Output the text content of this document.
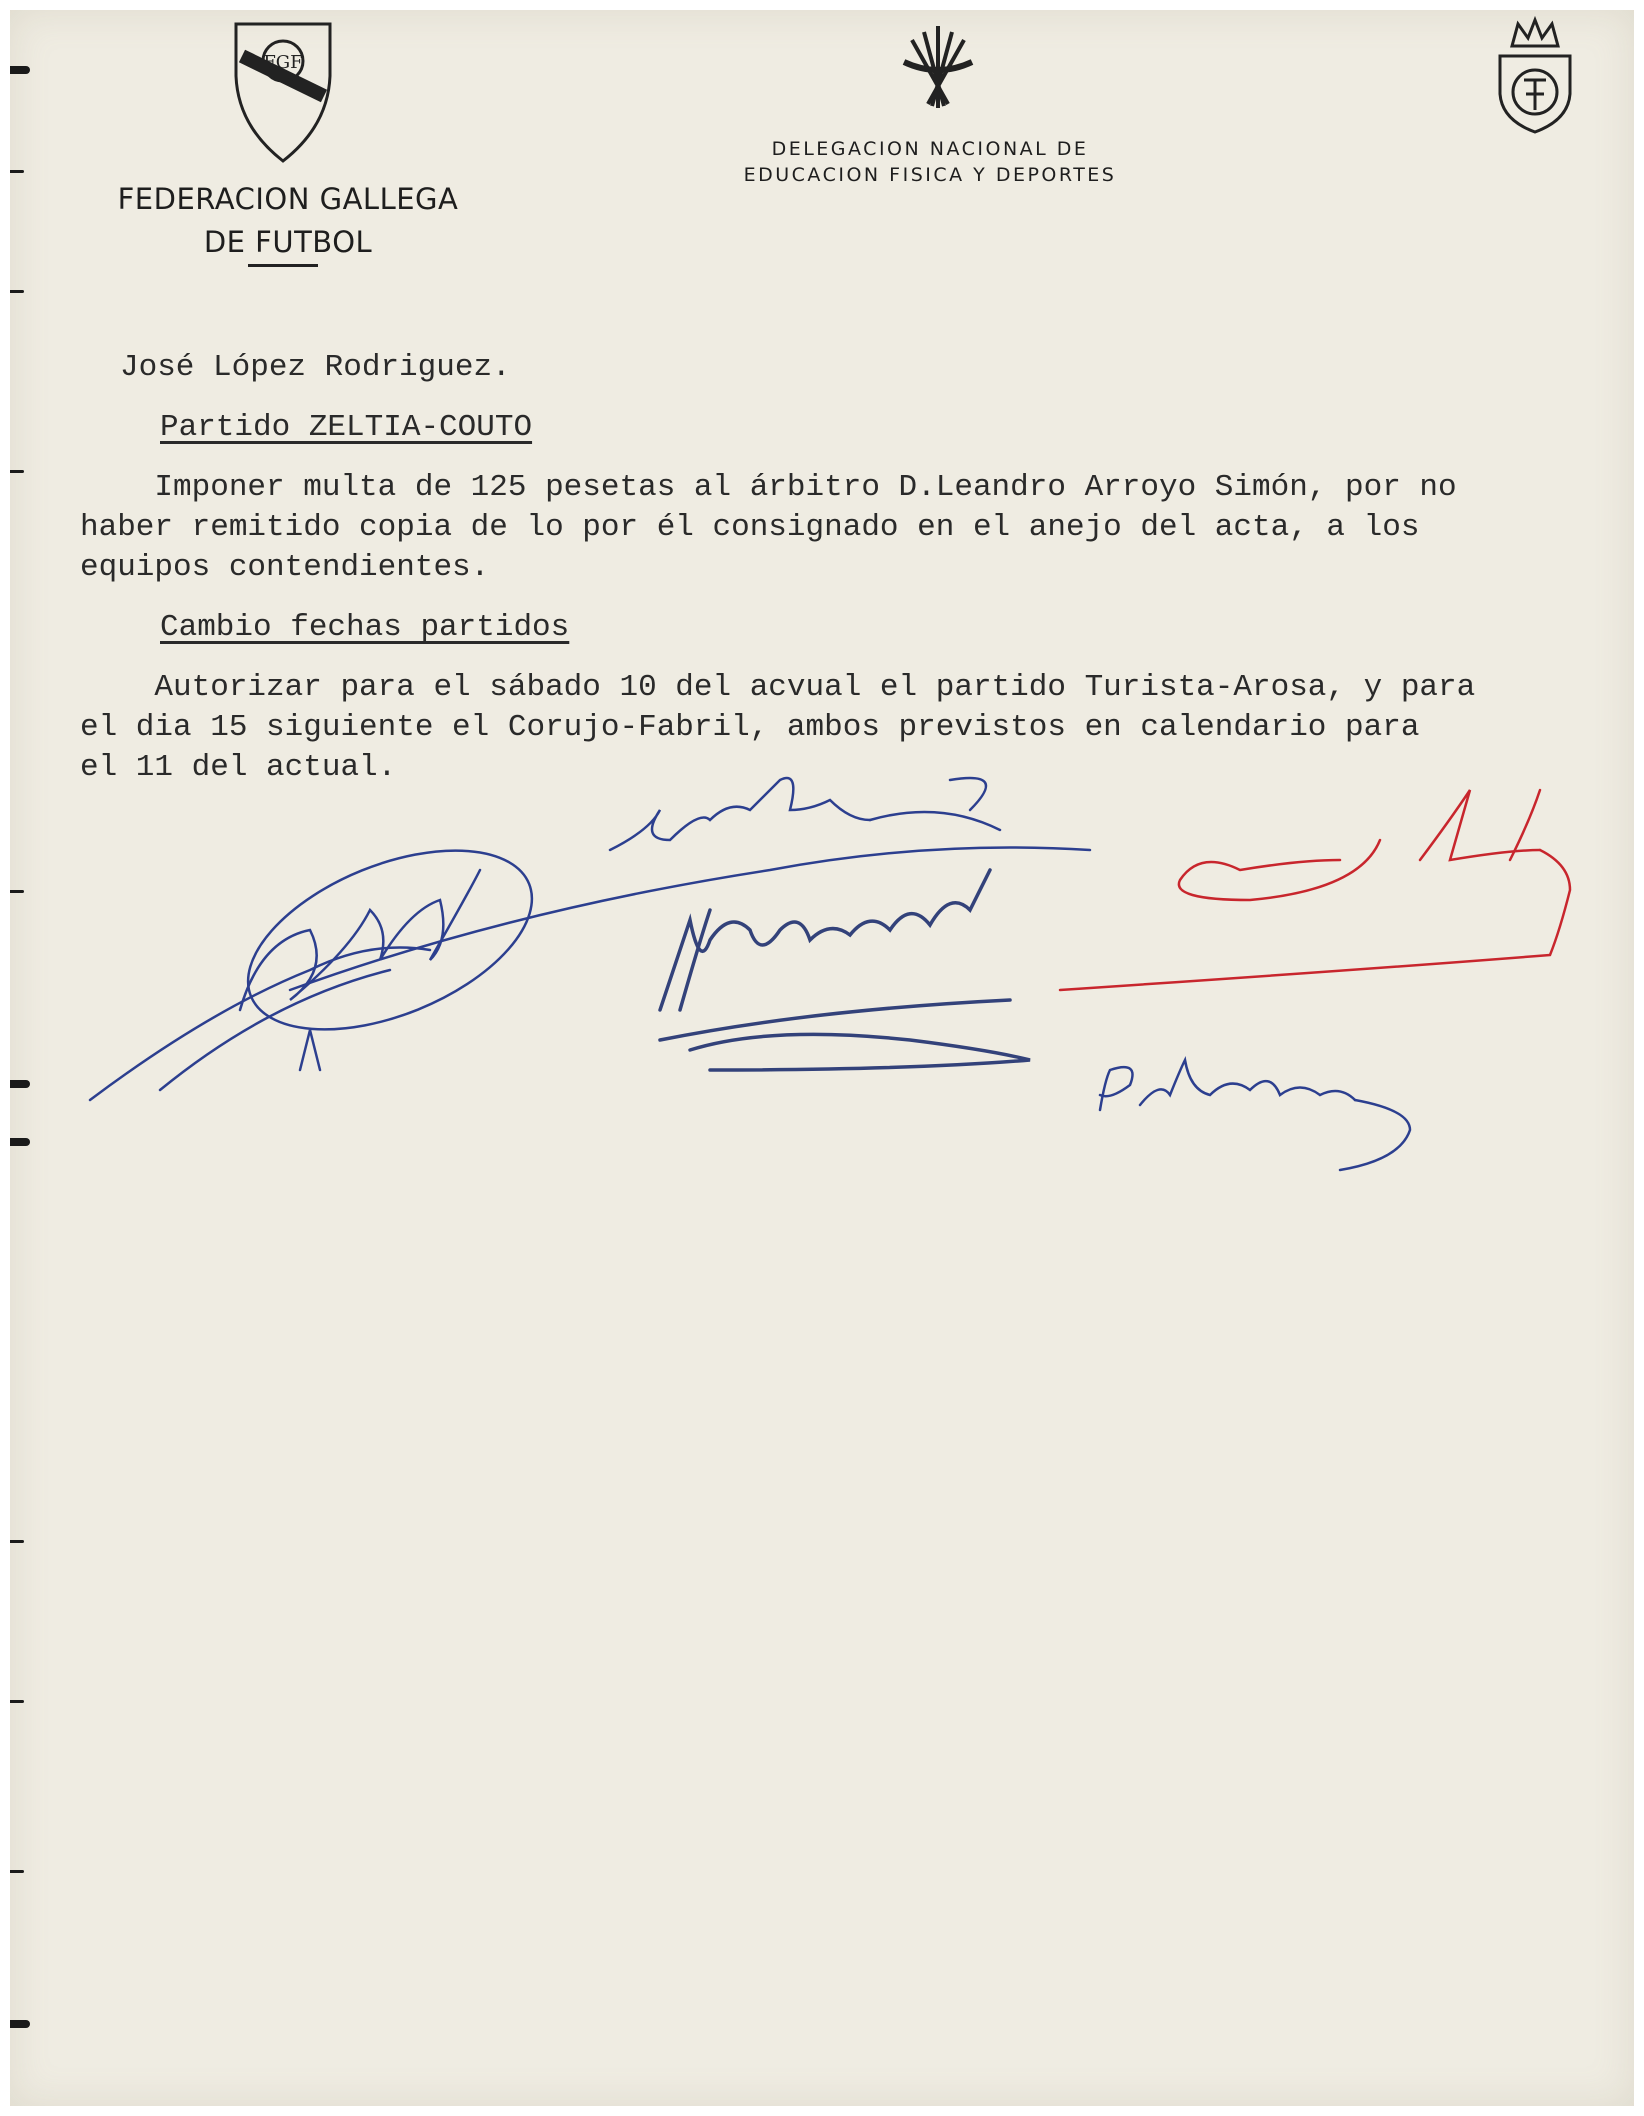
FGF
FEDERACION GALLEGA
DE FUTBOL
DELEGACION NACIONAL DE
EDUCACION FISICA Y DEPORTES
José López Rodriguez.
Partido ZELTIA-COUTO
Imponer multa de 125 pesetas al árbitro D.Leandro Arroyo Simón, por no
haber remitido copia de lo por él consignado en el anejo del acta, a los
equipos contendientes.
Cambio fechas partidos
Autorizar para el sábado 10 del acvual el partido Turista-Arosa, y para
el dia 15 siguiente el Corujo-Fabril, ambos previstos en calendario para
el 11 del actual.
